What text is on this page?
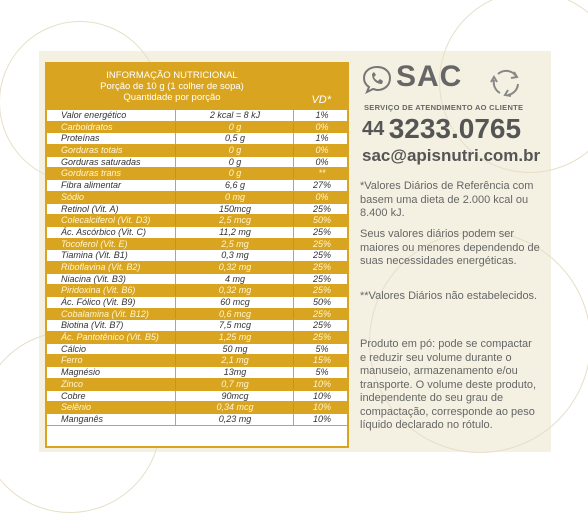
INFORMAÇÃO NUTRICIONAL
Porção de 10 g (1 colher de sopa)
Quantidade por porção	VD*
Valor energético	2 kcal = 8 kJ	1%
Carboidratos	0 g	0%
Proteínas	0,5 g	1%
Gorduras totais	0 g	0%
Gorduras saturadas	0 g	0%
Gorduras trans	0 g	**
Fibra alimentar	6,6 g	27%
Sódio	0 mg	0%
Retinol (Vit. A)	150mcg	25%
Colecalciferol (Vit. D3)	2,5 mcg	50%
Ác. Ascórbico (Vit. C)	11,2 mg	25%
Tocoferol (Vit. E)	2,5 mg	25%
Tiamina (Vit. B1)	0,3 mg	25%
Riboflavina (Vit. B2)	0,32 mg	25%
Niacina (Vit. B3)	4 mg	25%
Piridoxina (Vit. B6)	0,32 mg	25%
Ác. Fólico (Vit. B9)	60 mcg	50%
Cobalamina (Vit. B12)	0,6 mcg	25%
Biotina (Vit. B7)	7,5 mcg	25%
Ác. Pantotênico (Vit. B5)	1,25 mg	25%
Cálcio	50 mg	5%
Ferro	2,1 mg	15%
Magnésio	13mg	5%
Zinco	0,7 mg	10%
Cobre	90mcg	10%
Selênio	0,34 mcg	10%
Manganês	0,23 mg	10%
SAC
SERVIÇO DE ATENDIMENTO AO CLIENTE
44 3233.0765
sac@apisnutri.com.br
*Valores Diários de Referência com basem uma dieta de 2.000 kcal ou 8.400 kJ.
Seus valores diários podem ser maiores ou menores dependendo de suas necessidades energéticas.
**Valores Diários não estabelecidos.
Produto em pó: pode se compactar e reduzir seu volume durante o manuseio, armazenamento e/ou transporte. O volume deste produto, independente do seu grau de compactação, corresponde ao peso líquido declarado no rótulo.
